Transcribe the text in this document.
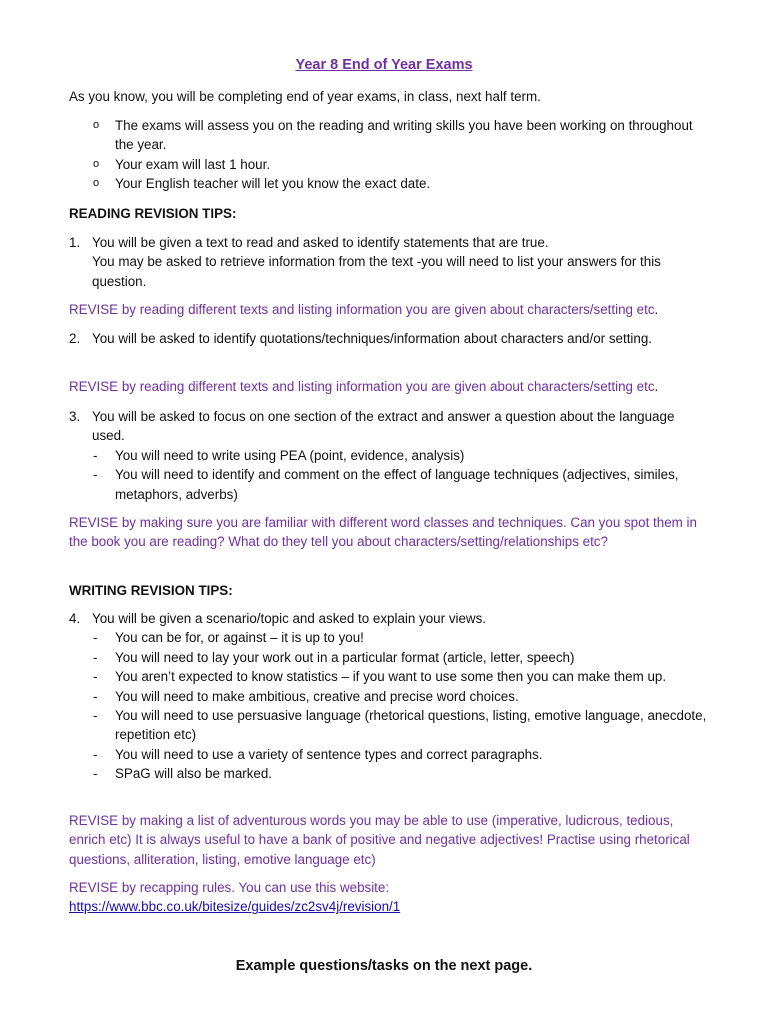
Year 8 End of Year Exams
As you know, you will be completing end of year exams, in class, next half term.
o	The exams will assess you on the reading and writing skills you have been working on throughout the year.
o	Your exam will last 1 hour.
o	Your English teacher will let you know the exact date.
READING REVISION TIPS:
1. You will be given a text to read and asked to identify statements that are true.
You may be asked to retrieve information from the text -you will need to list your answers for this question.
REVISE by reading different texts and listing information you are given about characters/setting etc.
2. You will be asked to identify quotations/techniques/information about characters and/or setting.
REVISE by reading different texts and listing information you are given about characters/setting etc.
3. You will be asked to focus on one section of the extract and answer a question about the language used.
-	You will need to write using PEA (point, evidence, analysis)
-	You will need to identify and comment on the effect of language techniques (adjectives, similes, metaphors, adverbs)
REVISE by making sure you are familiar with different word classes and techniques. Can you spot them in the book you are reading? What do they tell you about characters/setting/relationships etc?
WRITING REVISION TIPS:
4. You will be given a scenario/topic and asked to explain your views.
-	You can be for, or against – it is up to you!
-	You will need to lay your work out in a particular format (article, letter, speech)
-	You aren’t expected to know statistics – if you want to use some then you can make them up.
-	You will need to make ambitious, creative and precise word choices.
-	You will need to use persuasive language (rhetorical questions, listing, emotive language, anecdote, repetition etc)
-	You will need to use a variety of sentence types and correct paragraphs.
-	SPaG will also be marked.
REVISE by making a list of adventurous words you may be able to use (imperative, ludicrous, tedious, enrich etc) It is always useful to have a bank of positive and negative adjectives! Practise using rhetorical questions, alliteration, listing, emotive language etc)
REVISE by recapping rules. You can use this website:
https://www.bbc.co.uk/bitesize/guides/zc2sv4j/revision/1
Example questions/tasks on the next page.
